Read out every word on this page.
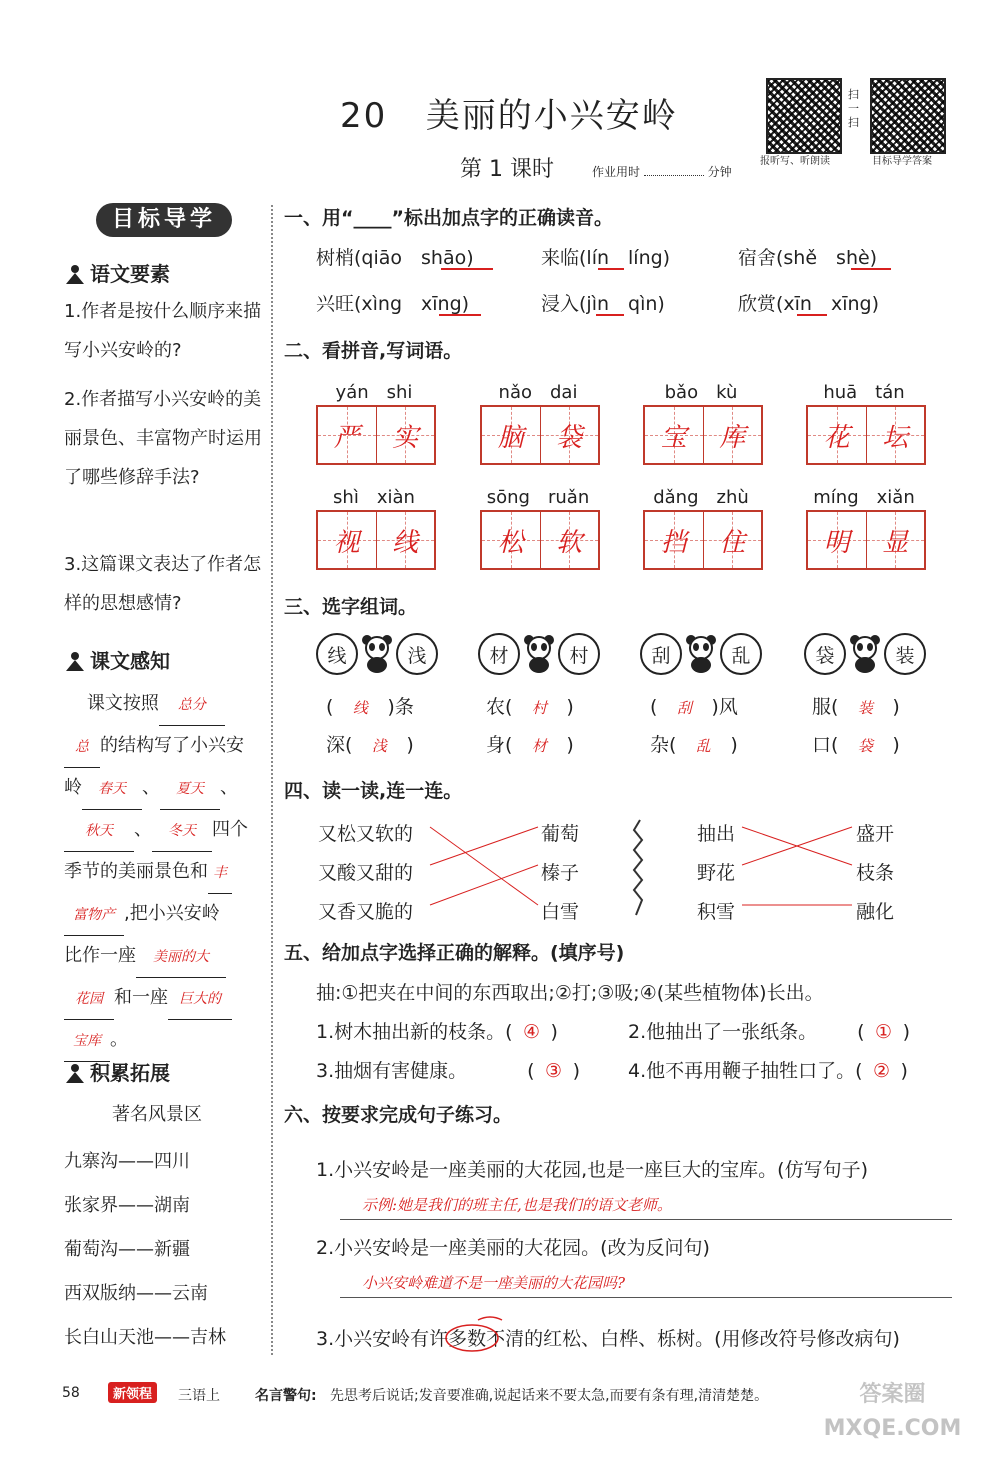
20 美丽的小兴安岭
第 1 课时	作业用时	分钟
报听写、听朗读
扫一扫
目标导学答案
目标导学
语文要素
1.作者是按什么顺序来描写小兴安岭的?
2.作者描写小兴安岭的美丽景色、丰富物产时运用了哪些修辞手法?
3.这篇课文表达了作者怎样的思想感情?
课文感知
课文按照 总分
总 的结构写了小兴安
岭 春天 、 夏天 、
秋天 、 冬天 四个
季节的美丽景色和 丰
富物产 ,把小兴安岭
比作一座 美丽的大
花园 和一座 巨大的
宝库 。
积累拓展
著名风景区
九寨沟——四川
张家界——湖南
葡萄沟——新疆
西双版纳——云南
长白山天池——吉林
一、用“____”标出加点字的正确读音。
树梢(qiāo　shāo)	来临(lín　líng)	宿舍(shě　shè)
兴旺(xìng　xīng)	浸入(jìn　qìn)	欣赏(xīn　xīng)
二、看拼音,写词语。
yán　shi
严 实
nǎo　dai
脑 袋
bǎo　kù
宝 库
huā　tán
花 坛
shì　xiàn
视 线
sōng　ruǎn
松 软
dǎng　zhù
挡 住
míng　xiǎn
明 显
三、选字组词。
线	浅	材	村	刮	乱	袋	装
( 线 )条	农( 村 )	( 刮 )风	服( 装 )
深( 浅 )	身( 材 )	杂( 乱 )	口( 袋 )
四、读一读,连一连。
又松又软的
又酸又甜的
又香又脆的
葡萄
榛子
白雪
抽出
野花
积雪
盛开
枝条
融化
五、给加点字选择正确的解释。(填序号)
抽:①把夹在中间的东西取出;②打;③吸;④(某些植物体)长出。
1.树木抽出新的枝条。( ④ )	2.他抽出了一张纸条。 ( ① )
3.抽烟有害健康。	( ③ )	4.他不再用鞭子抽牲口了。( ② )
六、按要求完成句子练习。
1.小兴安岭是一座美丽的大花园,也是一座巨大的宝库。(仿写句子)
示例:她是我们的班主任,也是我们的语文老师。
2.小兴安岭是一座美丽的大花园。(改为反问句)
小兴安岭难道不是一座美丽的大花园吗?
3.小兴安岭有许多数不清的红松、白桦、栎树。(用修改符号修改病句)
58	新领程	三语上	名言警句: 先思考后说话;发音要准确,说起话来不要太急,而要有条有理,清清楚楚。	答案圈 MXQE.COM
